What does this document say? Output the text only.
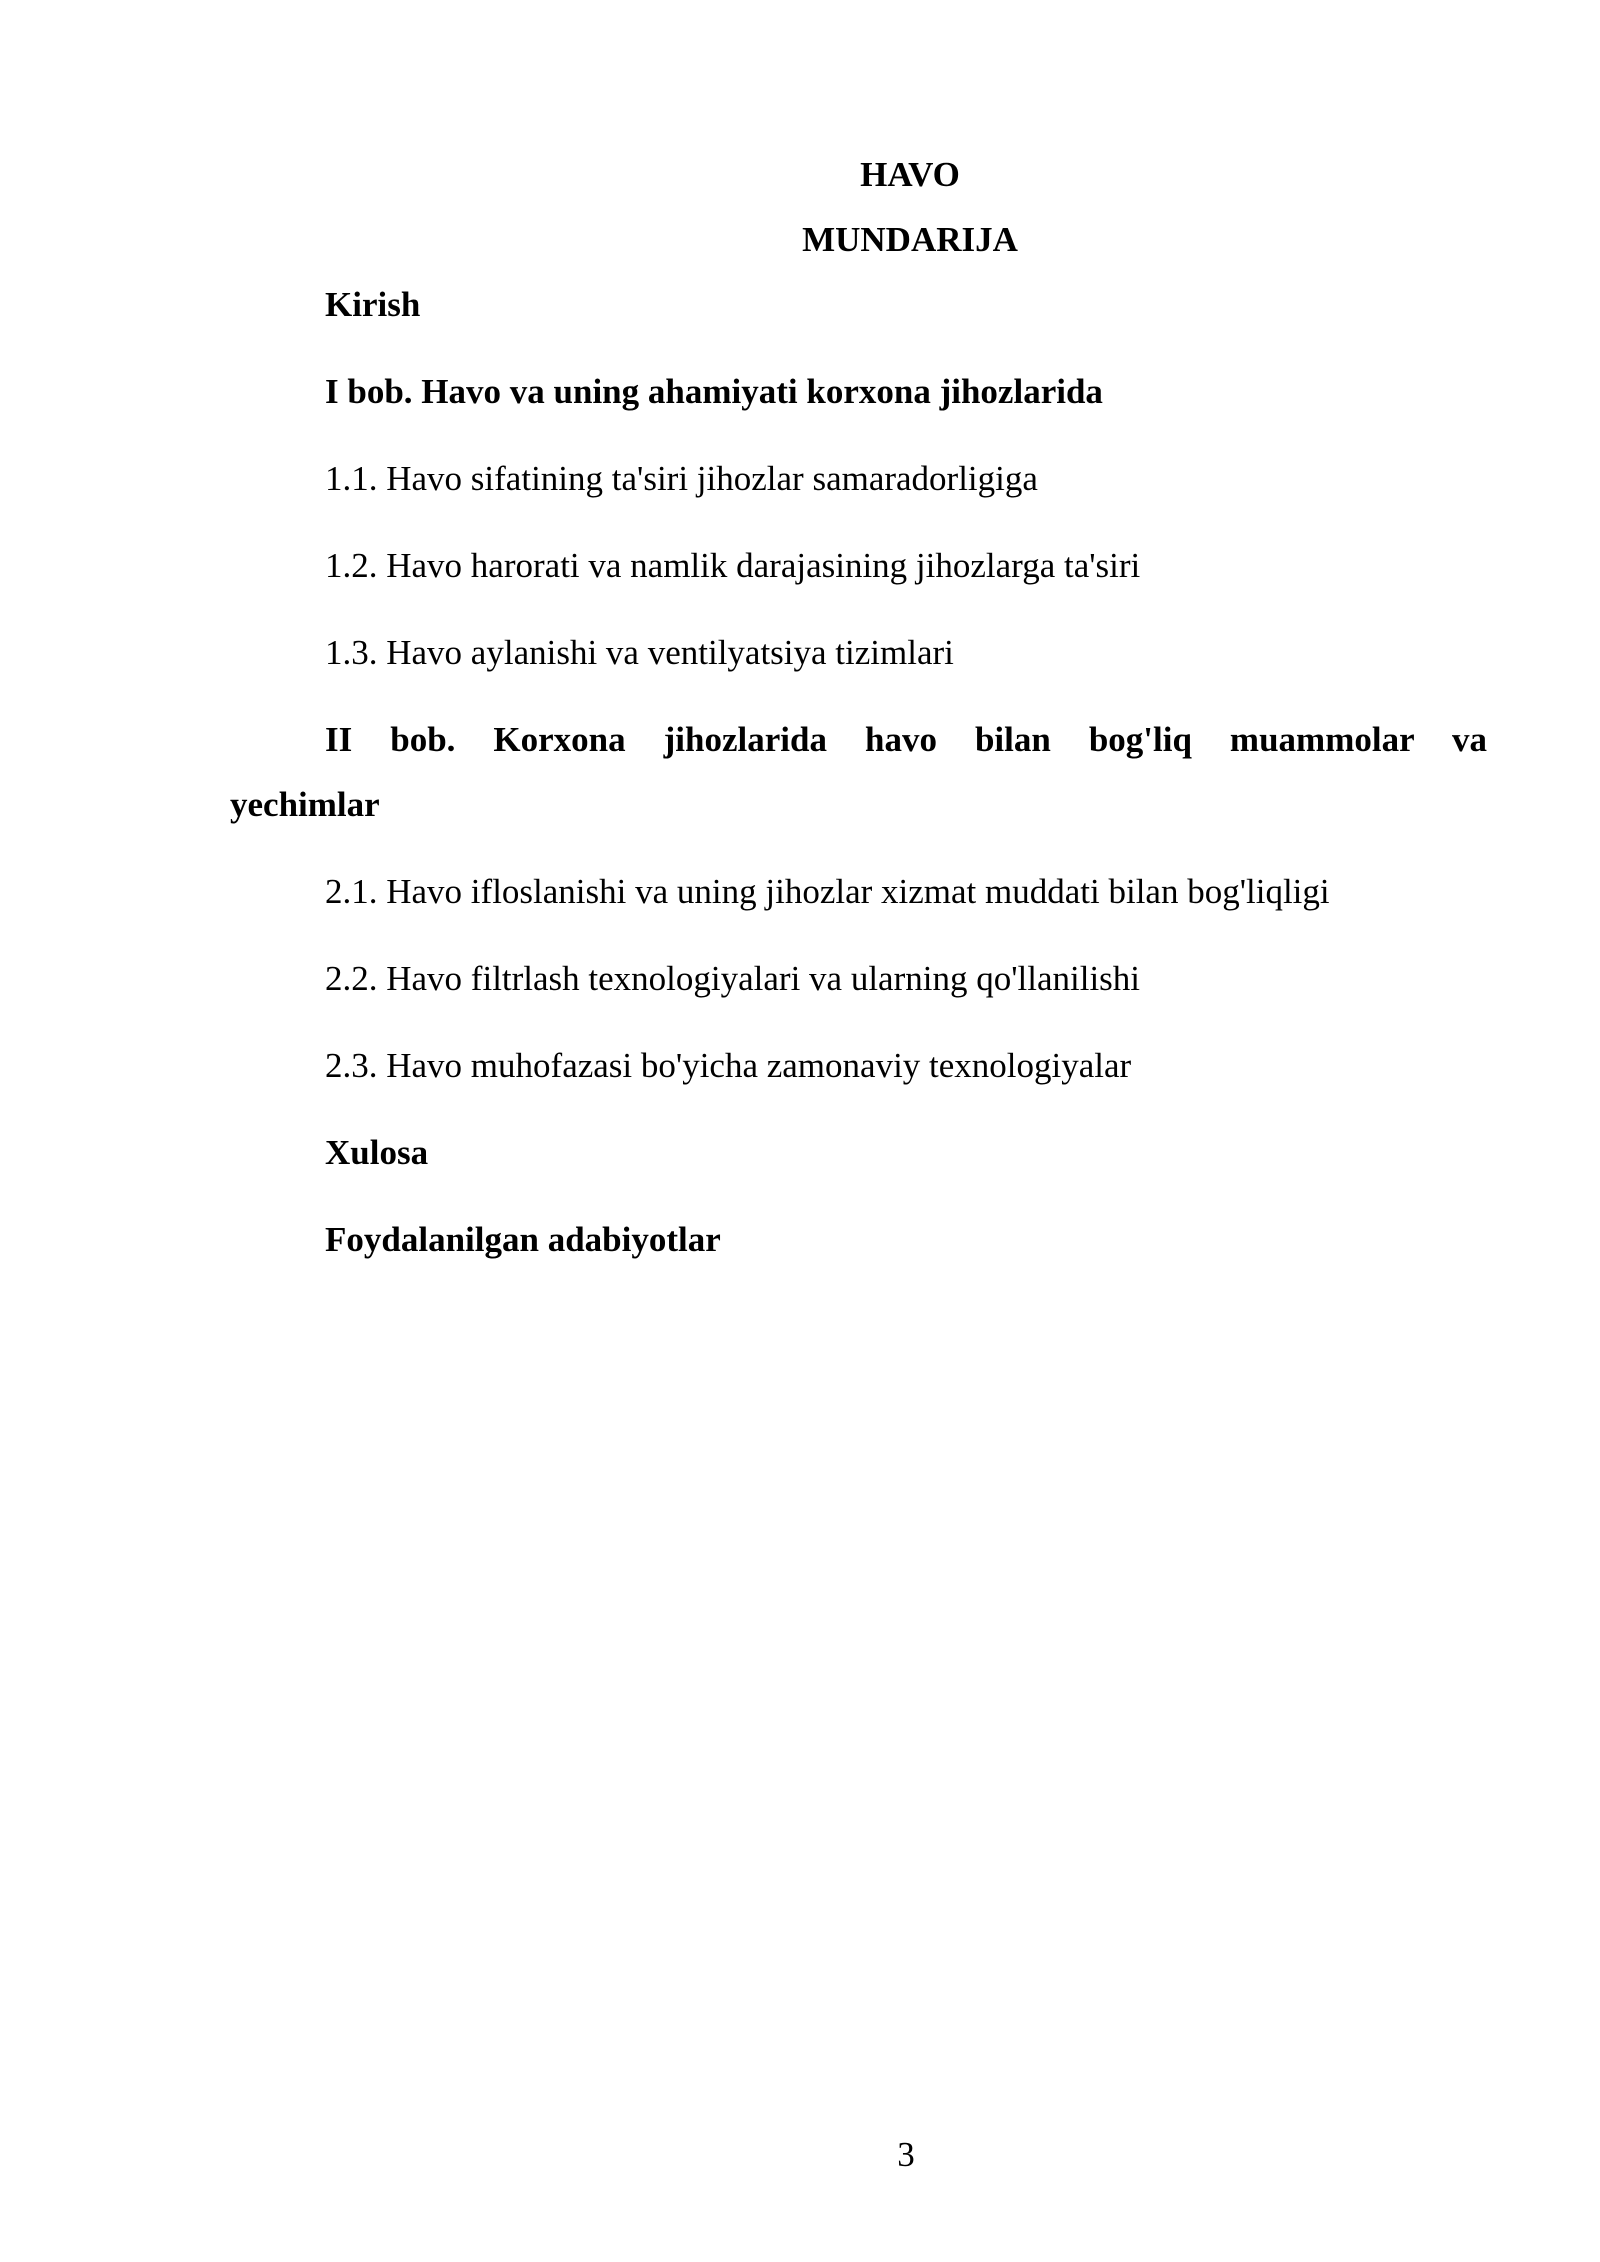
HAVO
MUNDARIJA
Kirish
I bob. Havo va uning ahamiyati korxona jihozlarida
1.1. Havo sifatining ta'siri jihozlar samaradorligiga
1.2. Havo harorati va namlik darajasining jihozlarga ta'siri
1.3. Havo aylanishi va ventilyatsiya tizimlari
II bob. Korxona jihozlarida havo bilan bog'liq muammolar va
yechimlar
2.1. Havo ifloslanishi va uning jihozlar xizmat muddati bilan bog'liqligi
2.2. Havo filtrlash texnologiyalari va ularning qo'llanilishi
2.3. Havo muhofazasi bo'yicha zamonaviy texnologiyalar
Xulosa
Foydalanilgan adabiyotlar
3
